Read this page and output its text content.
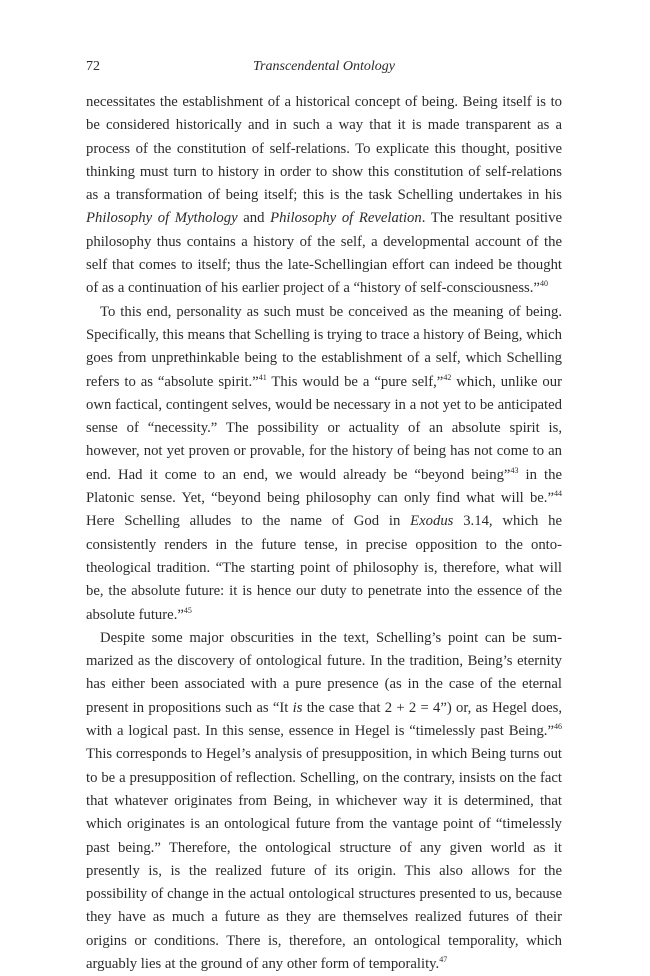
72	Transcendental Ontology

necessitates the establishment of a historical concept of being. Being itself is to be considered historically and in such a way that it is made transparent as a process of the constitution of self-relations. To explicate this thought, positive thinking must turn to history in order to show this constitution of self-relations as a transformation of being itself; this is the task Schelling undertakes in his Philosophy of Mythology and Philosophy of Revelation. The resultant positive philosophy thus contains a history of the self, a developmental account of the self that comes to itself; thus the late-Schellingian effort can indeed be thought of as a continuation of his earlier project of a “history of self-consciousness.”$^{40}$

To this end, personality as such must be conceived as the meaning of being. Specifically, this means that Schelling is trying to trace a history of Being, which goes from unprethinkable being to the establishment of a self, which Schelling refers to as “absolute spirit.”$^{41}$ This would be a “pure self,”$^{42}$ which, unlike our own factical, contingent selves, would be necessary in a not yet to be anticipated sense of “necessity.” The possibility or actuality of an absolute spirit is, however, not yet proven or provable, for the history of being has not come to an end. Had it come to an end, we would already be “beyond being”$^{43}$ in the Platonic sense. Yet, “beyond being philosophy can only find what will be.”$^{44}$ Here Schelling alludes to the name of God in Exodus 3.14, which he consistently renders in the future tense, in precise opposition to the onto-theological tradition. “The starting point of philosophy is, therefore, what will be, the absolute future: it is hence our duty to penetrate into the essence of the absolute future.”$^{45}$

Despite some major obscurities in the text, Schelling’s point can be summarized as the discovery of ontological future. In the tradition, Being’s eternity has either been associated with a pure presence (as in the case of the eternal present in propositions such as “It is the case that 2 + 2 = 4”) or, as Hegel does, with a logical past. In this sense, essence in Hegel is “timelessly past Being.”$^{46}$ This corresponds to Hegel’s analysis of presupposition, in which Being turns out to be a presupposition of reflection. Schelling, on the contrary, insists on the fact that whatever originates from Being, in whichever way it is determined, that which originates is an ontological future from the vantage point of “timelessly past being.” Therefore, the ontological structure of any given world as it presently is, is the realized future of its origin. This also allows for the possibility of change in the actual ontological structures presented to us, because they have as much a future as they are themselves realized futures of their origins or conditions. There is, therefore, an ontological temporality, which arguably lies at the ground of any other form of temporality.$^{47}$
